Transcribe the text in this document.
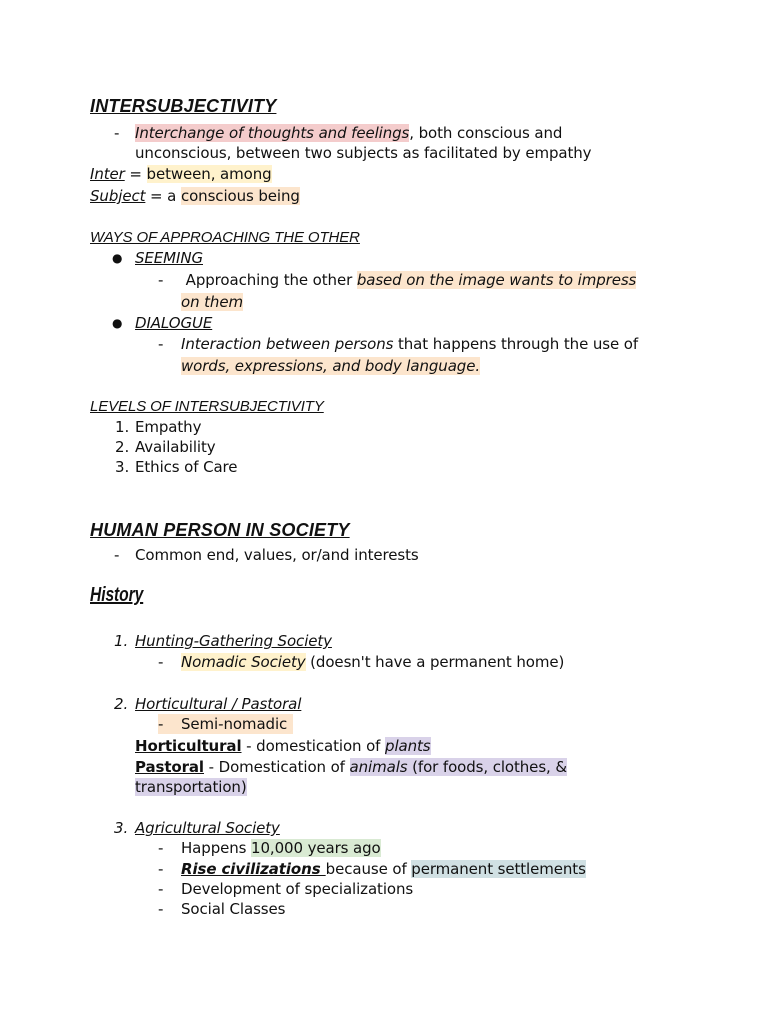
INTERSUBJECTIVITY
- Interchange of thoughts and feelings, both conscious and
unconscious, between two subjects as facilitated by empathy
Inter = between, among
Subject = a conscious being
WAYS OF APPROACHING THE OTHER
● SEEMING
- Approaching the other based on the image wants to impress
on them
● DIALOGUE
- Interaction between persons that happens through the use of
words, expressions, and body language.
LEVELS OF INTERSUBJECTIVITY
1. Empathy
2. Availability
3. Ethics of Care
HUMAN PERSON IN SOCIETY
- Common end, values, or/and interests
History
1. Hunting-Gathering Society
- Nomadic Society (doesn't have a permanent home)
2. Horticultural / Pastoral
- Semi-nomadic
Horticultural - domestication of plants
Pastoral - Domestication of animals (for foods, clothes, &
transportation)
3. Agricultural Society
- Happens 10,000 years ago
- Rise civilizations because of permanent settlements
- Development of specializations
- Social Classes
